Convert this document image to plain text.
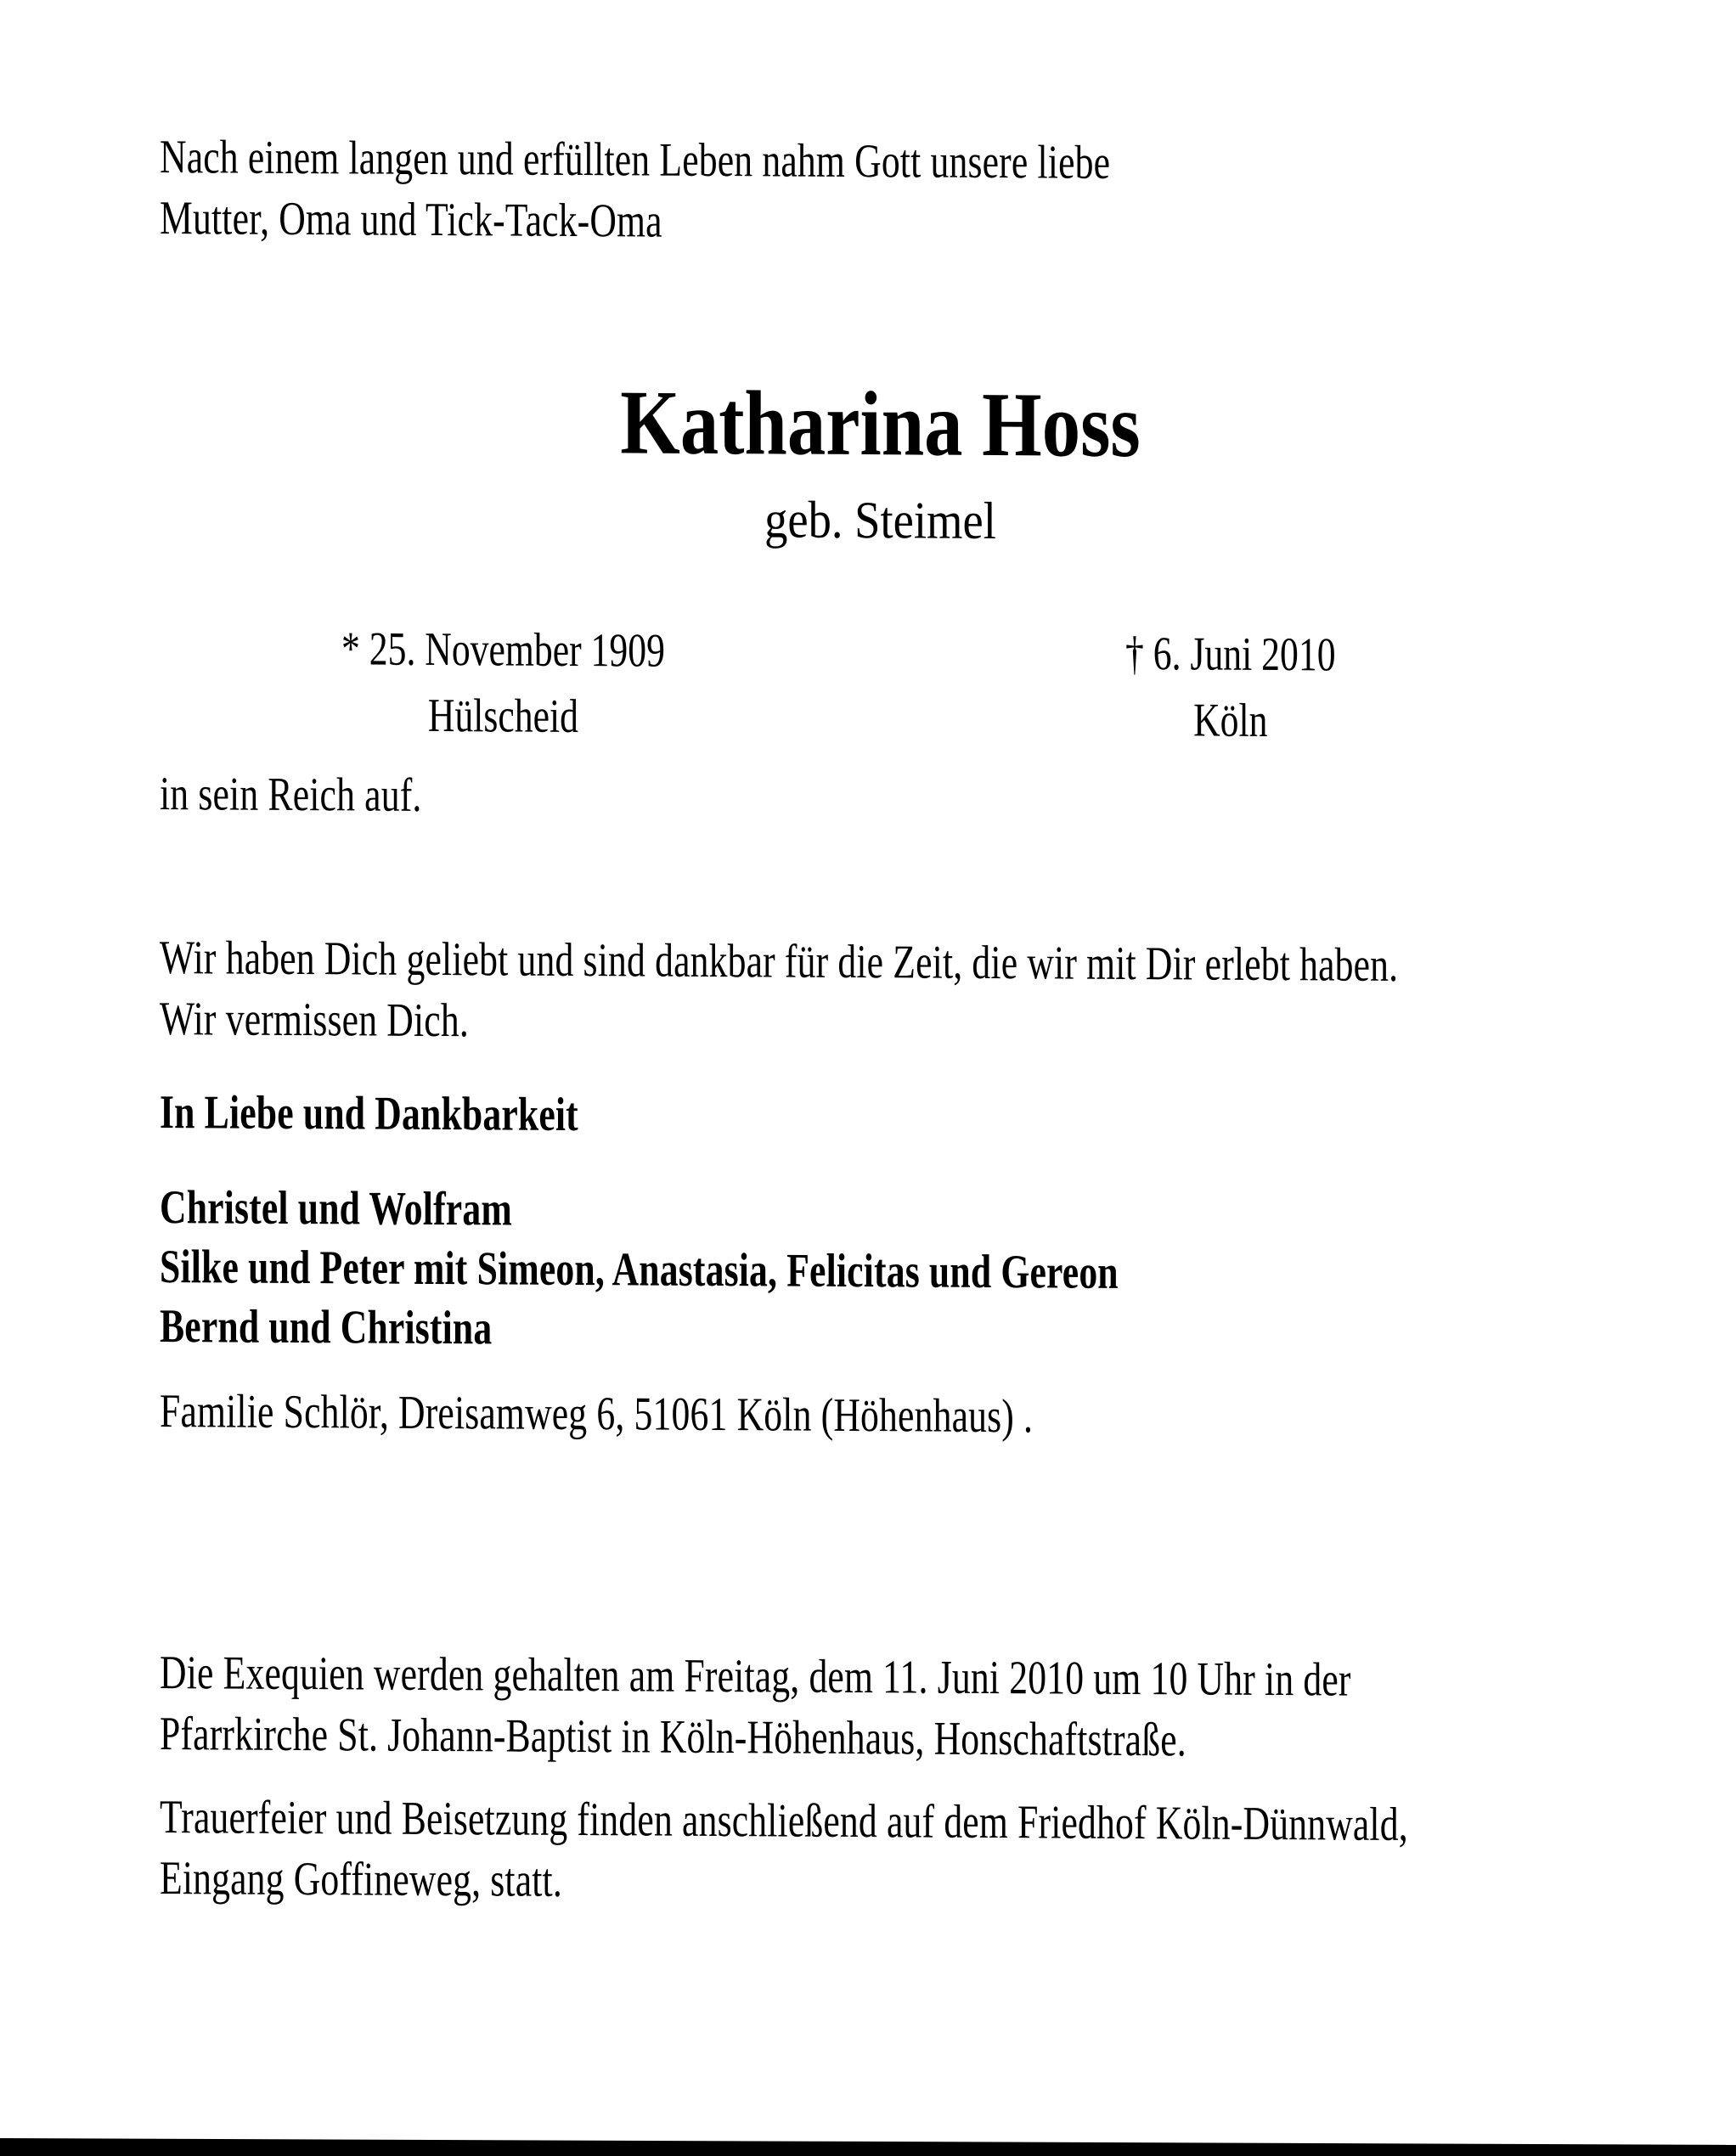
Nach einem langen und erfüllten Leben nahm Gott unsere liebe
Mutter, Oma und Tick-Tack-Oma
Katharina Hoss
geb. Steimel
* 25. November 1909
Hülscheid
† 6. Juni 2010
Köln
in sein Reich auf.
Wir haben Dich geliebt und sind dankbar für die Zeit, die wir mit Dir erlebt haben.
Wir vermissen Dich.
In Liebe und Dankbarkeit
Christel und Wolfram
Silke und Peter mit Simeon, Anastasia, Felicitas und Gereon
Bernd und Christina
Familie Schlör, Dreisamweg 6, 51061 Köln (Höhenhaus) .
Die Exequien werden gehalten am Freitag, dem 11. Juni 2010 um 10 Uhr in der
Pfarrkirche St. Johann-Baptist in Köln-Höhenhaus, Honschaftstraße.
Trauerfeier und Beisetzung finden anschließend auf dem Friedhof Köln-Dünnwald,
Eingang Goffineweg, statt.
